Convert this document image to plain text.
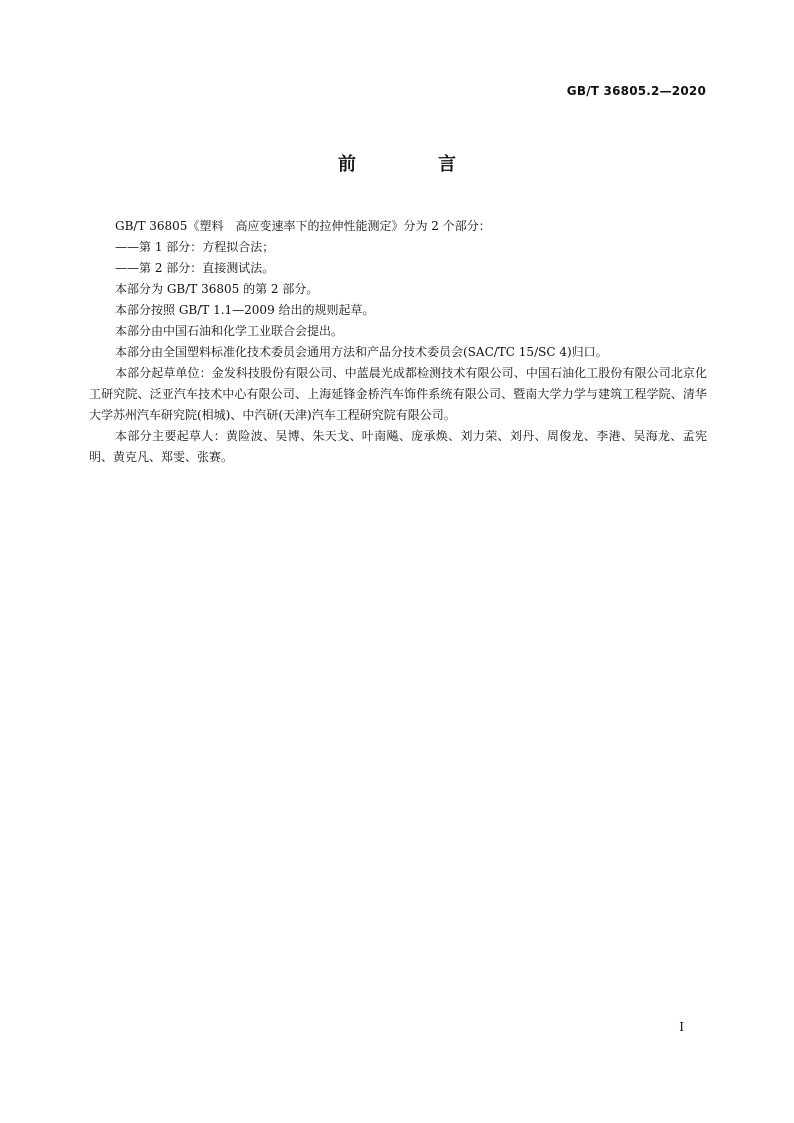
GB/T 36805.2—2020
前　言

GB/T 36805《塑料　高应变速率下的拉伸性能测定》分为 2 个部分：

——第 1 部分：方程拟合法；

——第 2 部分：直接测试法。

本部分为 GB/T 36805 的第 2 部分。

本部分按照 GB/T 1.1—2009 给出的规则起草。

本部分由中国石油和化学工业联合会提出。

本部分由全国塑料标准化技术委员会通用方法和产品分技术委员会(SAC/TC 15/SC 4)归口。

本部分起草单位：金发科技股份有限公司、中蓝晨光成都检测技术有限公司、中国石油化工股份有限公司北京化工研究院、泛亚汽车技术中心有限公司、上海延锋金桥汽车饰件系统有限公司、暨南大学力学与建筑工程学院、清华大学苏州汽车研究院(相城)、中汽研(天津)汽车工程研究院有限公司。

本部分主要起草人：黄险波、吴博、朱天戈、叶南飚、庞承焕、刘力荣、刘丹、周俊龙、李港、吴海龙、孟宪明、黄克凡、郑雯、张赛。

I
